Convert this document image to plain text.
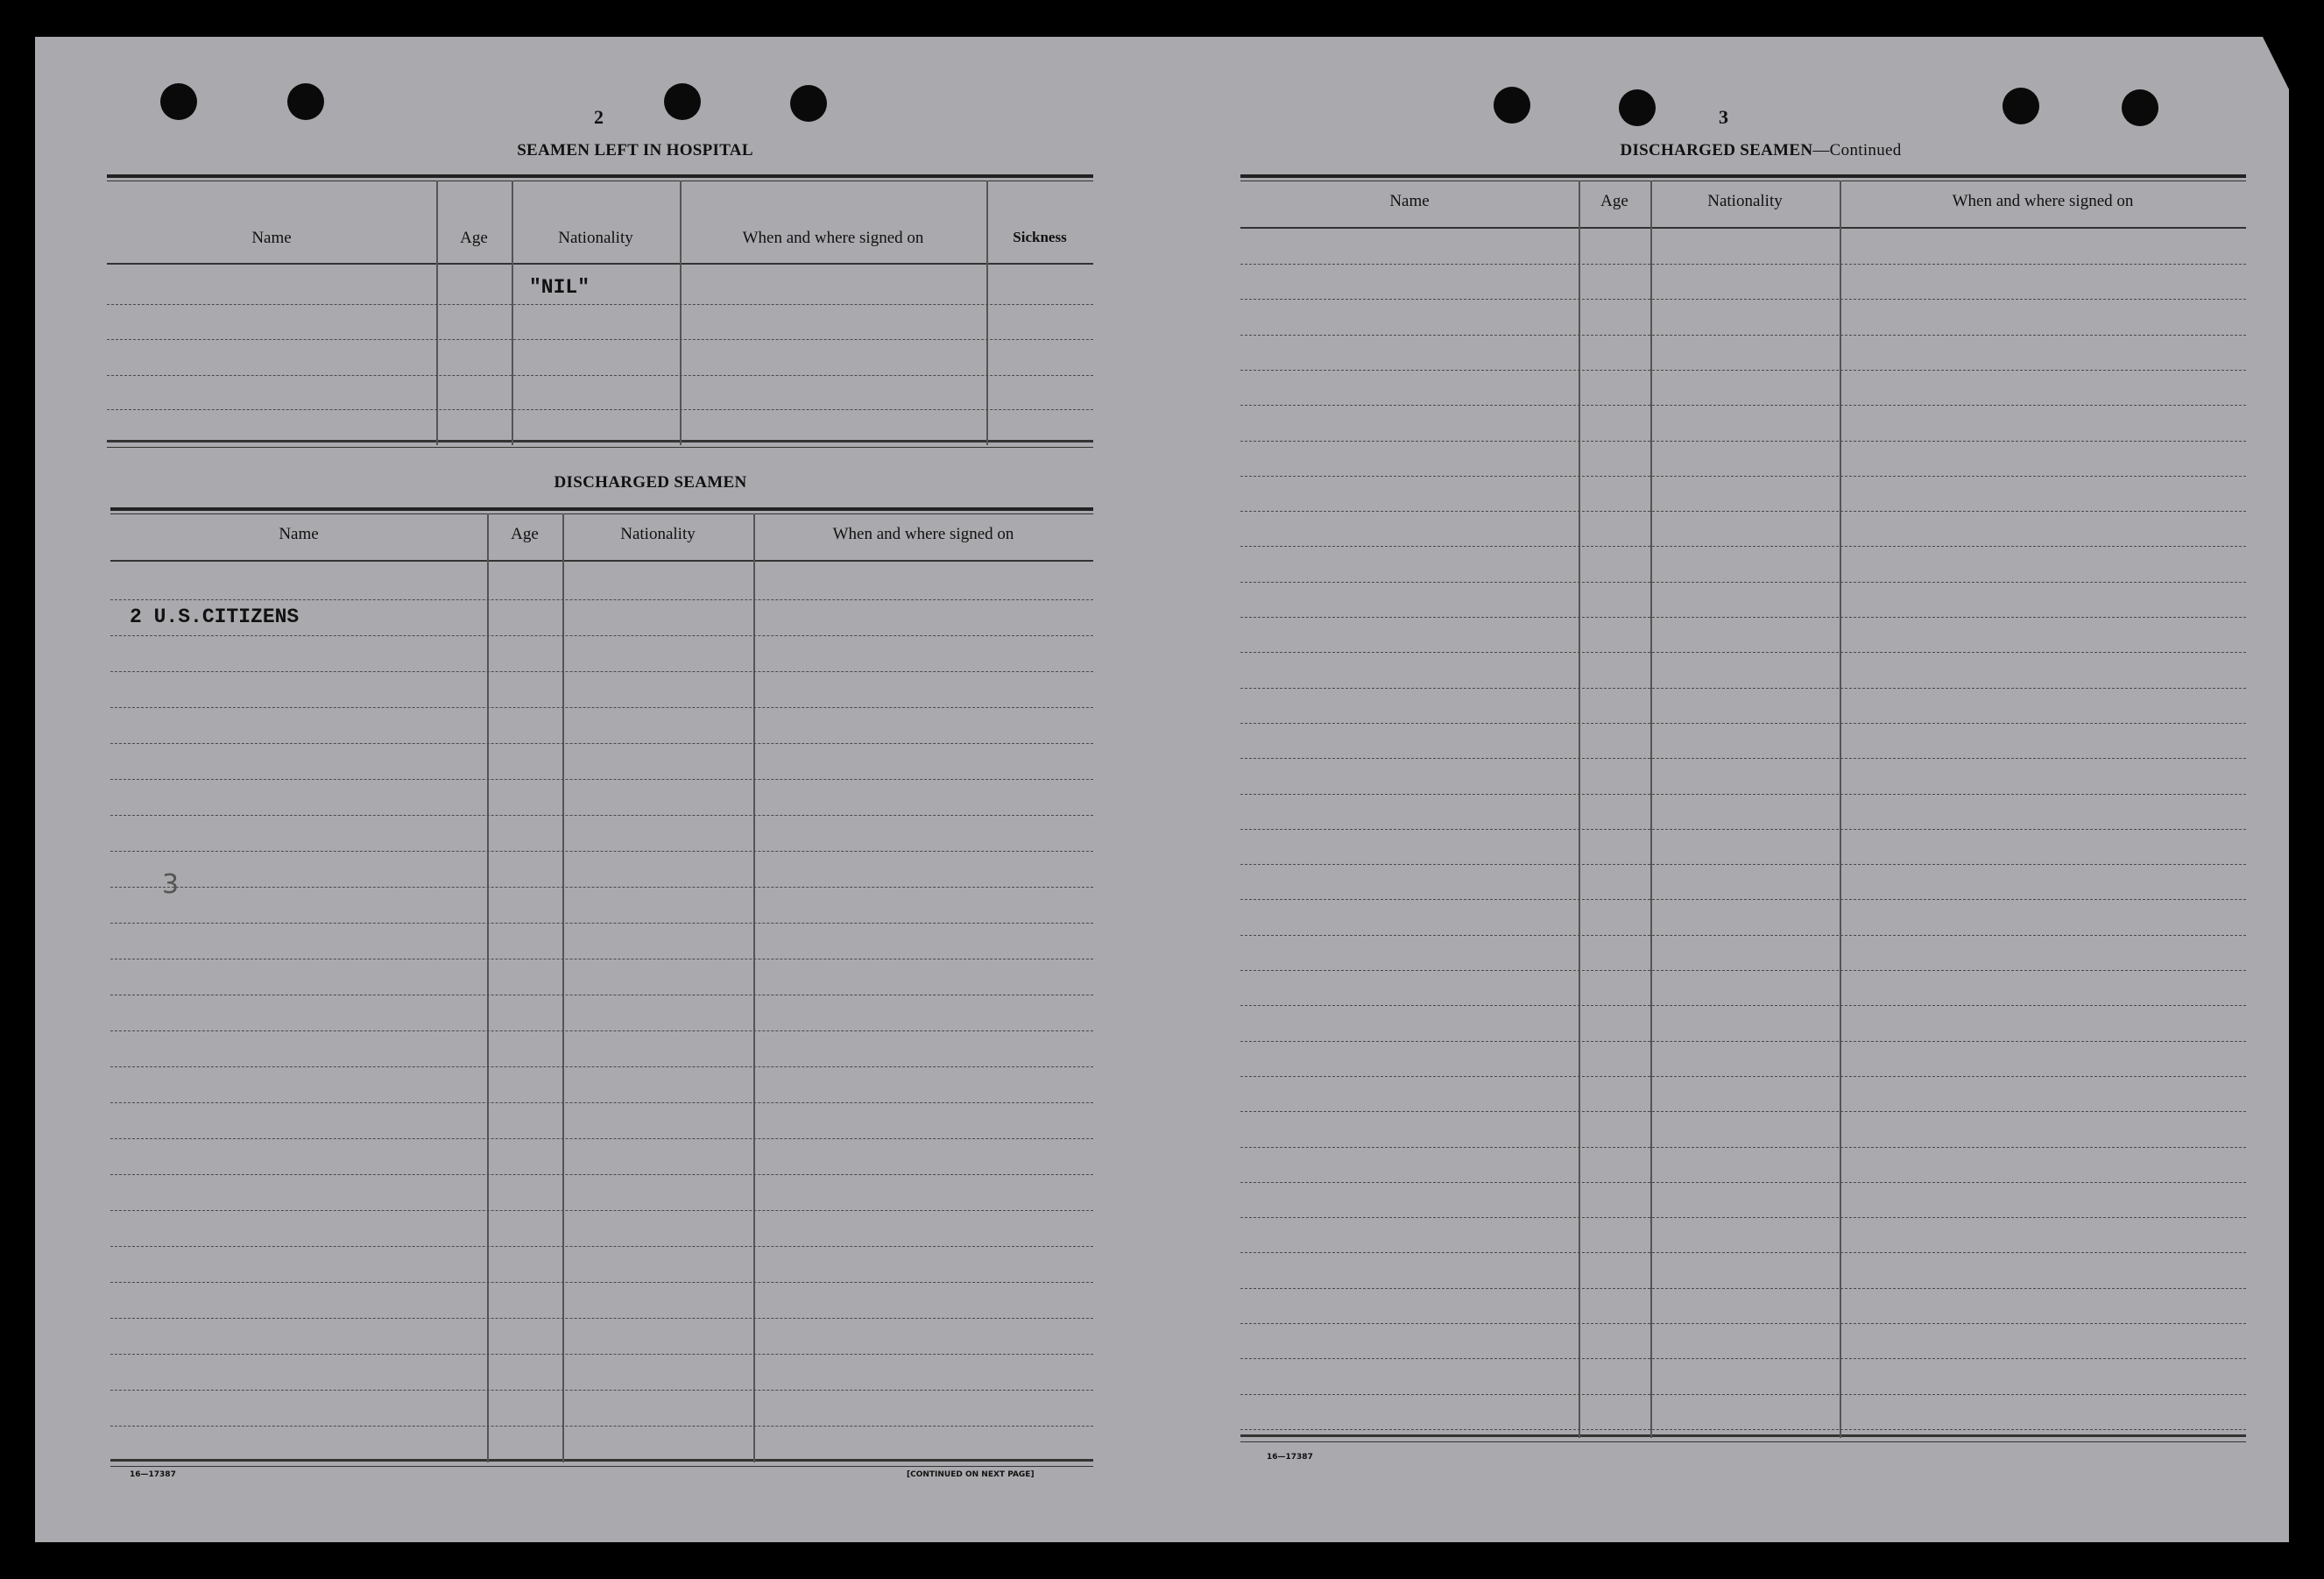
2
SEAMEN LEFT IN HOSPITAL
Name	Age	Nationality	When and where signed on	Sickness
"NIL"
DISCHARGED SEAMEN
Name	Age	Nationality	When and where signed on
2 U.S.CITIZENS
3
16—17387	[CONTINUED ON NEXT PAGE]
3
DISCHARGED SEAMEN—Continued
Name	Age	Nationality	When and where signed on
16—17387
